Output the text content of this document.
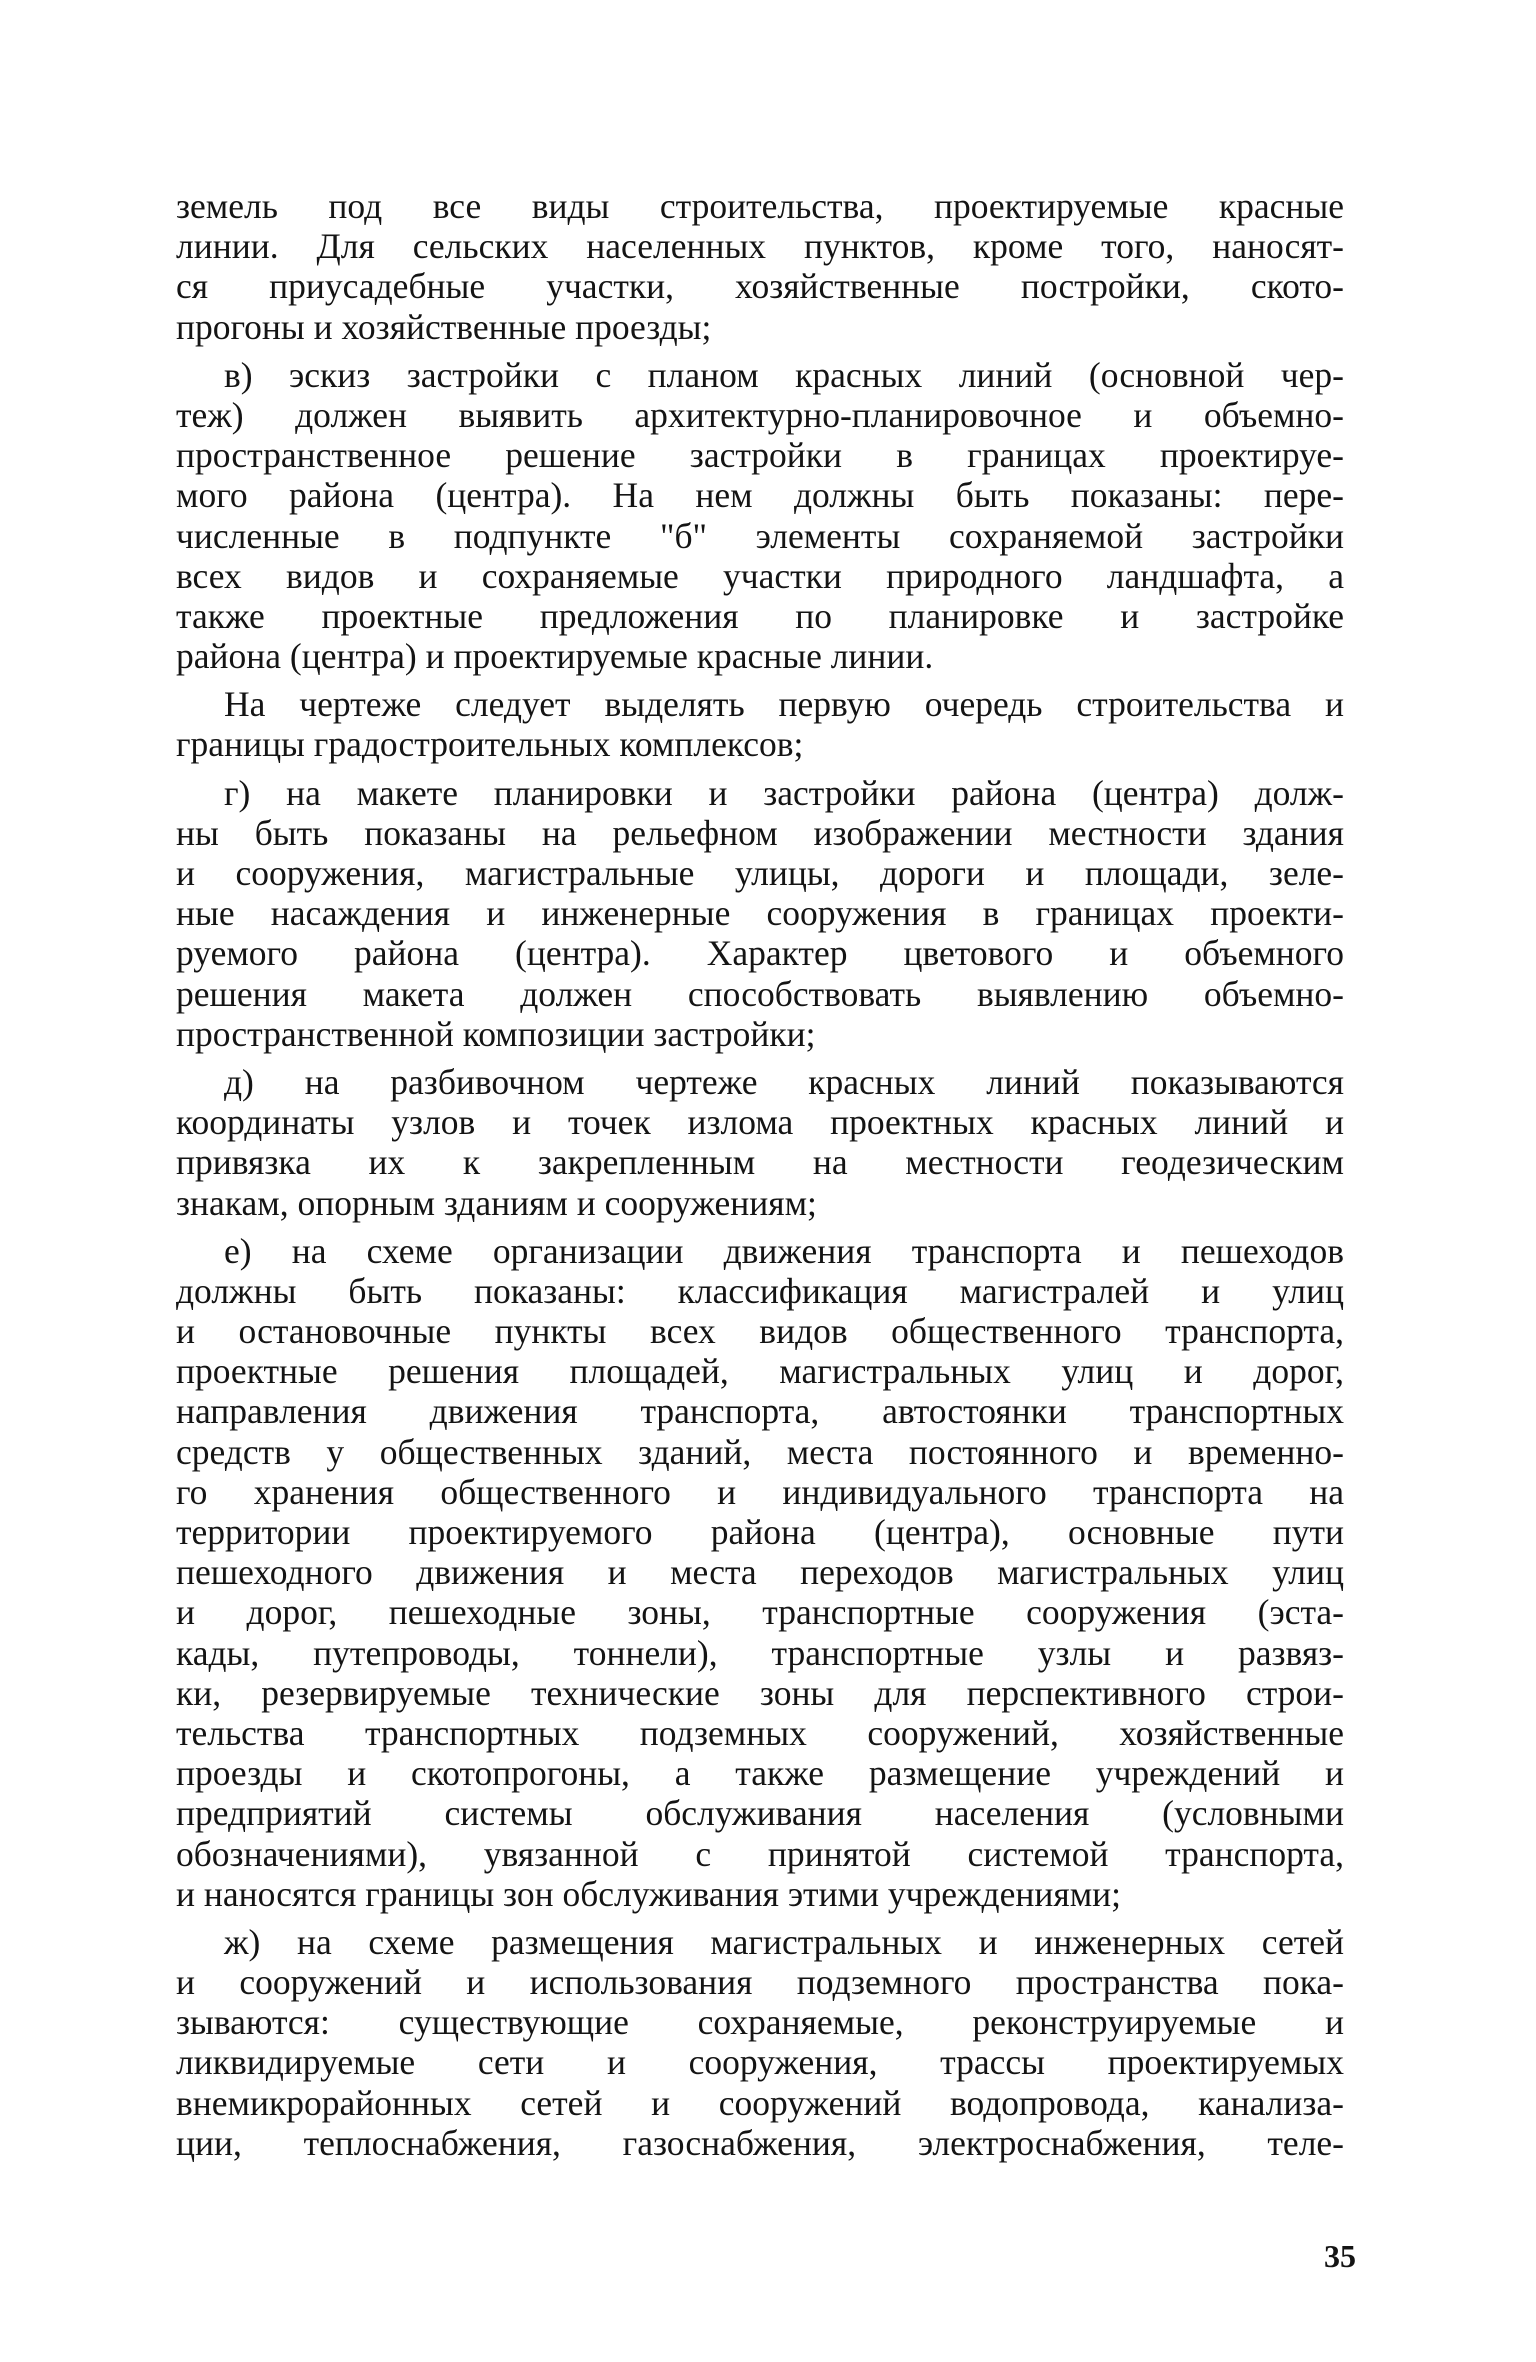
земель под все виды строительства, проектируемые красные
линии. Для сельских населенных пунктов, кроме того, наносят-
ся приусадебные участки, хозяйственные постройки, ското-
прогоны и хозяйственные проезды;
в) эскиз застройки с планом красных линий (основной чер-
теж) должен выявить архитектурно-планировочное и объемно-
пространственное решение застройки в границах проектируе-
мого района (центра). На нем должны быть показаны: пере-
численные в подпункте "б" элементы сохраняемой застройки
всех видов и сохраняемые участки природного ландшафта, а
также проектные предложения по планировке и застройке
района (центра) и проектируемые красные линии.
На чертеже следует выделять первую очередь строительства и
границы градостроительных комплексов;
г) на макете планировки и застройки района (центра) долж-
ны быть показаны на рельефном изображении местности здания
и сооружения, магистральные улицы, дороги и площади, зеле-
ные насаждения и инженерные сооружения в границах проекти-
руемого района (центра). Характер цветового и объемного
решения макета должен способствовать выявлению объемно-
пространственной композиции застройки;
д) на разбивочном чертеже красных линий показываются
координаты узлов и точек излома проектных красных линий и
привязка их к закрепленным на местности геодезическим
знакам, опорным зданиям и сооружениям;
е) на схеме организации движения транспорта и пешеходов
должны быть показаны: классификация магистралей и улиц
и остановочные пункты всех видов общественного транспорта,
проектные решения площадей, магистральных улиц и дорог,
направления движения транспорта, автостоянки транспортных
средств у общественных зданий, места постоянного и временно-
го хранения общественного и индивидуального транспорта на
территории проектируемого района (центра), основные пути
пешеходного движения и места переходов магистральных улиц
и дорог, пешеходные зоны, транспортные сооружения (эста-
кады, путепроводы, тоннели), транспортные узлы и развяз-
ки, резервируемые технические зоны для перспективного строи-
тельства транспортных подземных сооружений, хозяйственные
проезды и скотопрогоны, а также размещение учреждений и
предприятий системы обслуживания населения (условными
обозначениями), увязанной с принятой системой транспорта,
и наносятся границы зон обслуживания этими учреждениями;
ж) на схеме размещения магистральных и инженерных сетей
и сооружений и использования подземного пространства пока-
зываются: существующие сохраняемые, реконструируемые и
ликвидируемые сети и сооружения, трассы проектируемых
внемикрорайонных сетей и сооружений водопровода, канализа-
ции, теплоснабжения, газоснабжения, электроснабжения, теле-
35
